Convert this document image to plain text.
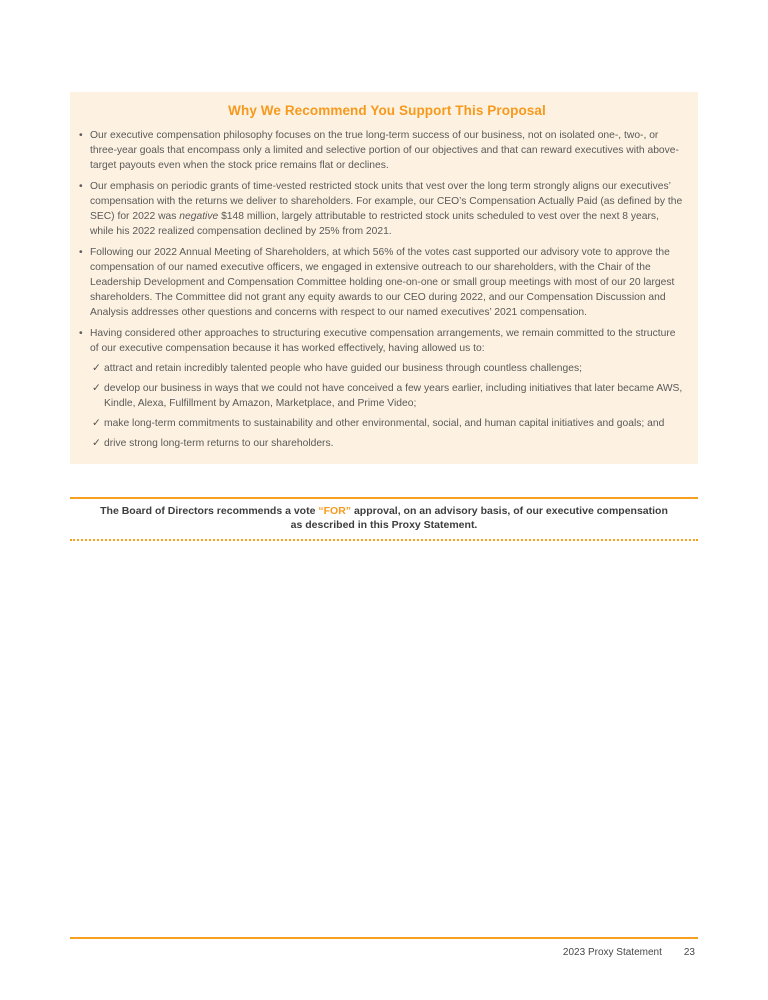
Why We Recommend You Support This Proposal
• Our executive compensation philosophy focuses on the true long-term success of our business, not on isolated one-, two-, or three-year goals that encompass only a limited and selective portion of our objectives and that can reward executives with above-target payouts even when the stock price remains flat or declines.
• Our emphasis on periodic grants of time-vested restricted stock units that vest over the long term strongly aligns our executives’ compensation with the returns we deliver to shareholders. For example, our CEO’s Compensation Actually Paid (as defined by the SEC) for 2022 was negative $148 million, largely attributable to restricted stock units scheduled to vest over the next 8 years, while his 2022 realized compensation declined by 25% from 2021.
• Following our 2022 Annual Meeting of Shareholders, at which 56% of the votes cast supported our advisory vote to approve the compensation of our named executive officers, we engaged in extensive outreach to our shareholders, with the Chair of the Leadership Development and Compensation Committee holding one-on-one or small group meetings with most of our 20 largest shareholders. The Committee did not grant any equity awards to our CEO during 2022, and our Compensation Discussion and Analysis addresses other questions and concerns with respect to our named executives’ 2021 compensation.
• Having considered other approaches to structuring executive compensation arrangements, we remain committed to the structure of our executive compensation because it has worked effectively, having allowed us to:
✓ attract and retain incredibly talented people who have guided our business through countless challenges;
✓ develop our business in ways that we could not have conceived a few years earlier, including initiatives that later became AWS, Kindle, Alexa, Fulfillment by Amazon, Marketplace, and Prime Video;
✓ make long-term commitments to sustainability and other environmental, social, and human capital initiatives and goals; and
✓ drive strong long-term returns to our shareholders.

The Board of Directors recommends a vote “FOR” approval, on an advisory basis, of our executive compensation as described in this Proxy Statement.

2023 Proxy Statement 23
